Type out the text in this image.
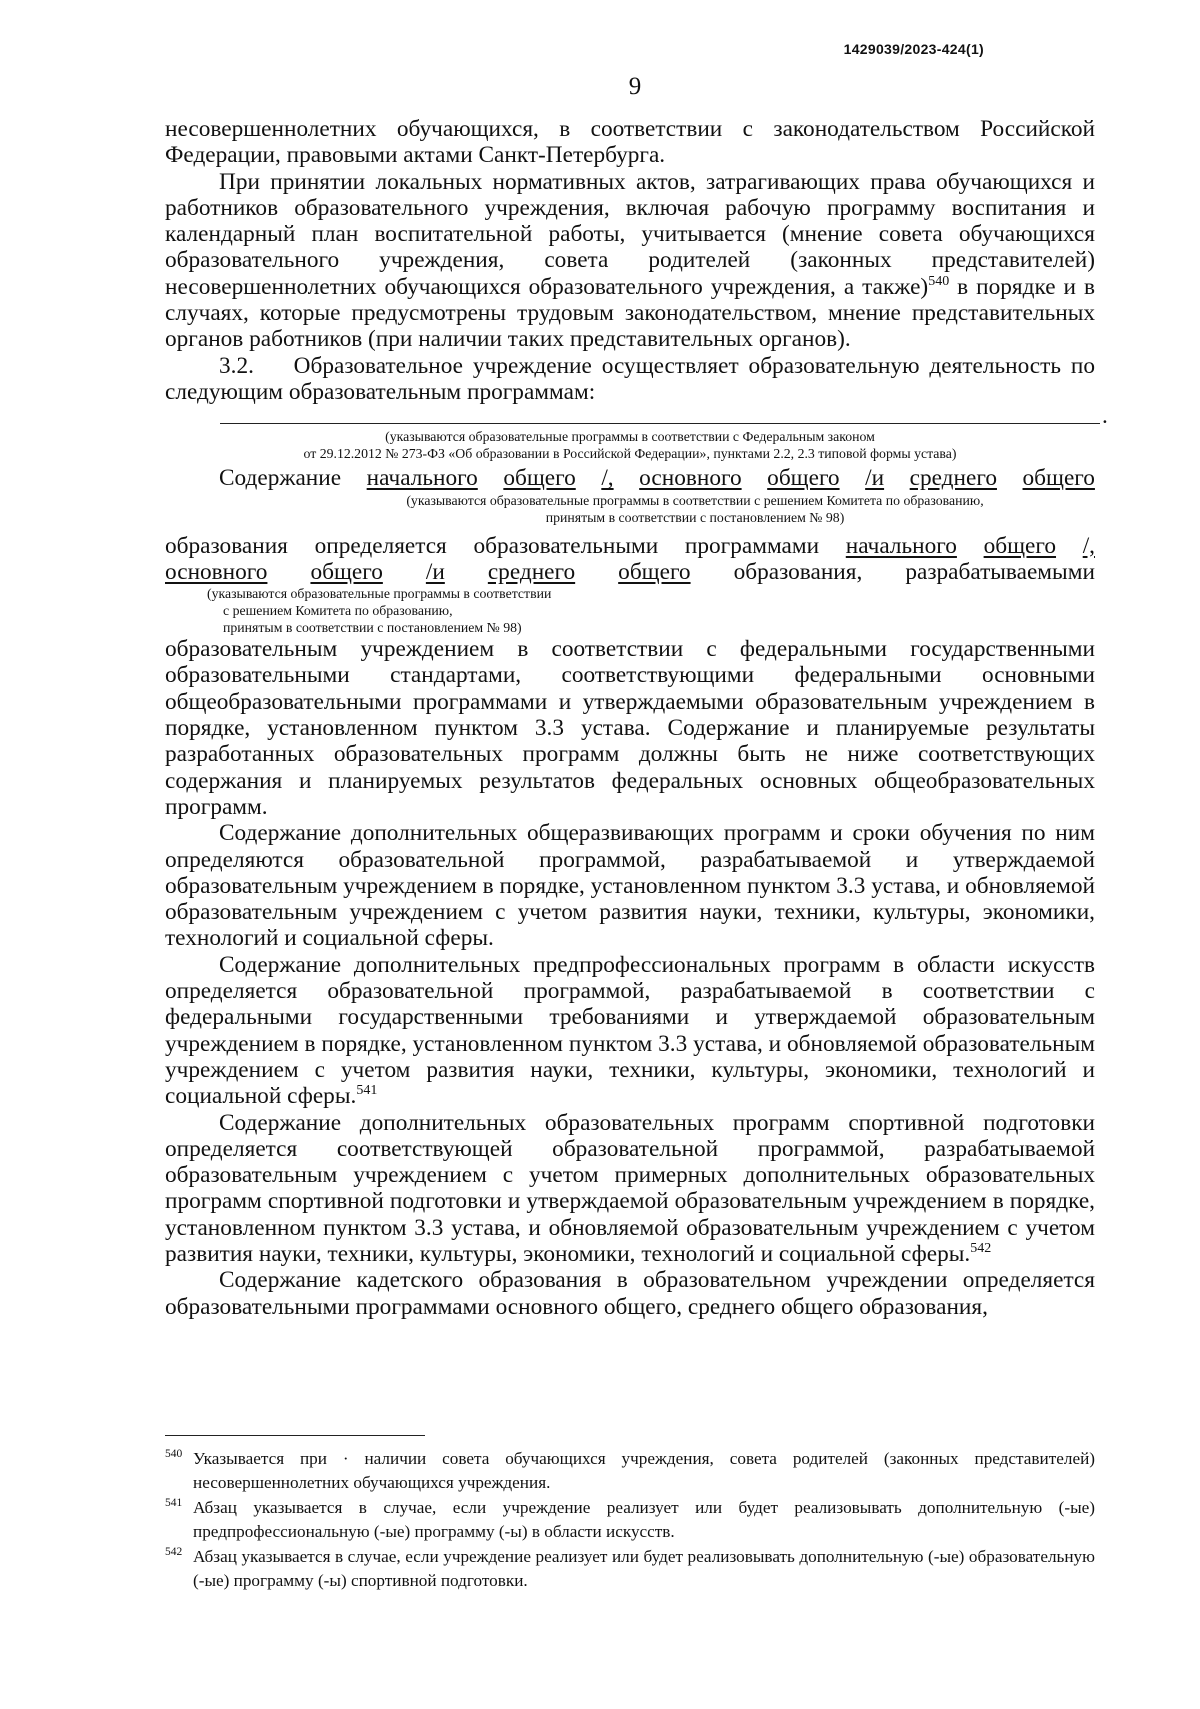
1429039/2023-424(1)
9

несовершеннолетних обучающихся, в соответствии с законодательством Российской Федерации, правовыми актами Санкт-Петербурга.

При принятии локальных нормативных актов, затрагивающих права обучающихся и работников образовательного учреждения, включая рабочую программу воспитания и календарный план воспитательной работы, учитывается (мнение совета обучающихся образовательного учреждения, совета родителей (законных представителей) несовершеннолетних обучающихся образовательного учреждения, а также)$^{540}$ в порядке и в случаях, которые предусмотрены трудовым законодательством, мнение представительных органов работников (при наличии таких представительных органов).

3.2.    Образовательное учреждение осуществляет образовательную деятельность по следующим образовательным программам:

.
(указываются образовательные программы в соответствии с Федеральным законом
от 29.12.2012 № 273-ФЗ «Об образовании в Российской Федерации», пунктами 2.2, 2.3 типовой формы устава)
Содержание начального общего /, основного общего /и среднего общего
(указываются образовательные программы в соответствии с решением Комитета по образованию,
принятым в соответствии с постановлением № 98)
образования определяется образовательными программами начального общего /,
основного общего /и среднего общего образования, разрабатываемыми
(указываются образовательные программы в соответствии
с решением Комитета по образованию,
принятым в соответствии с постановлением № 98)

образовательным учреждением в соответствии с федеральными государственными образовательными стандартами, соответствующими федеральными основными общеобразовательными программами и утверждаемыми образовательным учреждением в порядке, установленном пунктом 3.3 устава. Содержание и планируемые результаты разработанных образовательных программ должны быть не ниже соответствующих содержания и планируемых результатов федеральных основных общеобразовательных программ.

Содержание дополнительных общеразвивающих программ и сроки обучения по ним определяются образовательной программой, разрабатываемой и утверждаемой образовательным учреждением в порядке, установленном пунктом 3.3 устава, и обновляемой образовательным учреждением с учетом развития науки, техники, культуры, экономики, технологий и социальной сферы.

Содержание дополнительных предпрофессиональных программ в области искусств определяется образовательной программой, разрабатываемой в соответствии с федеральными государственными требованиями и утверждаемой образовательным учреждением в порядке, установленном пунктом 3.3 устава, и обновляемой образовательным учреждением с учетом развития науки, техники, культуры, экономики, технологий и социальной сферы.$^{541}$

Содержание дополнительных образовательных программ спортивной подготовки определяется соответствующей образовательной программой, разрабатываемой образовательным учреждением с учетом примерных дополнительных образовательных программ спортивной подготовки и утверждаемой образовательным учреждением в порядке, установленном пунктом 3.3 устава, и обновляемой образовательным учреждением с учетом развития науки, техники, культуры, экономики, технологий и социальной сферы.$^{542}$

Содержание кадетского образования в образовательном учреждении определяется образовательными программами основного общего, среднего общего образования,

540 Указывается при · наличии совета обучающихся учреждения, совета родителей (законных представителей) несовершеннолетних обучающихся учреждения.
541 Абзац указывается в случае, если учреждение реализует или будет реализовывать дополнительную (-ые) предпрофессиональную (-ые) программу (-ы) в области искусств.
542 Абзац указывается в случае, если учреждение реализует или будет реализовывать дополнительную (-ые) образовательную (-ые) программу (-ы) спортивной подготовки.
